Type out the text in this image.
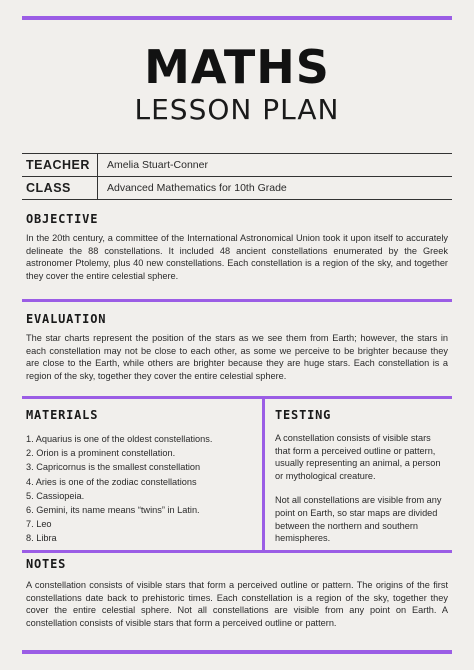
MATHS
LESSON PLAN
TEACHER	Amelia Stuart-Conner
CLASS	Advanced Mathematics for 10th Grade
OBJECTIVE

In the 20th century, a committee of the International Astronomical Union took it upon itself to accurately delineate the 88 constellations. It included 48 ancient constellations enumerated by the Greek astronomer Ptolemy, plus 40 new constellations. Each constellation is a region of the sky, and together they cover the entire celestial sphere.

EVALUATION

The star charts represent the position of the stars as we see them from Earth; however, the stars in each constellation may not be close to each other, as some we perceive to be brighter because they are close to the Earth, while others are brighter because they are huge stars. Each constellation is a region of the sky, together they cover the entire celestial sphere.

MATERIALS
1. Aquarius is one of the oldest constellations.
2. Orion is a prominent constellation.
3. Capricornus is the smallest constellation
4. Aries is one of the zodiac constellations
5. Cassiopeia.
6. Gemini, its name means “twins” in Latin.
7. Leo
8. Libra
TESTING

A constellation consists of visible stars that form a perceived outline or pattern, usually representing an animal, a person or mythological creature.

Not all constellations are visible from any point on Earth, so star maps are divided between the northern and southern hemispheres.

NOTES

A constellation consists of visible stars that form a perceived outline or pattern. The origins of the first constellations date back to prehistoric times. Each constellation is a region of the sky, together they cover the entire celestial sphere. Not all constellations are visible from any point on Earth. A constellation consists of visible stars that form a perceived outline or pattern.
